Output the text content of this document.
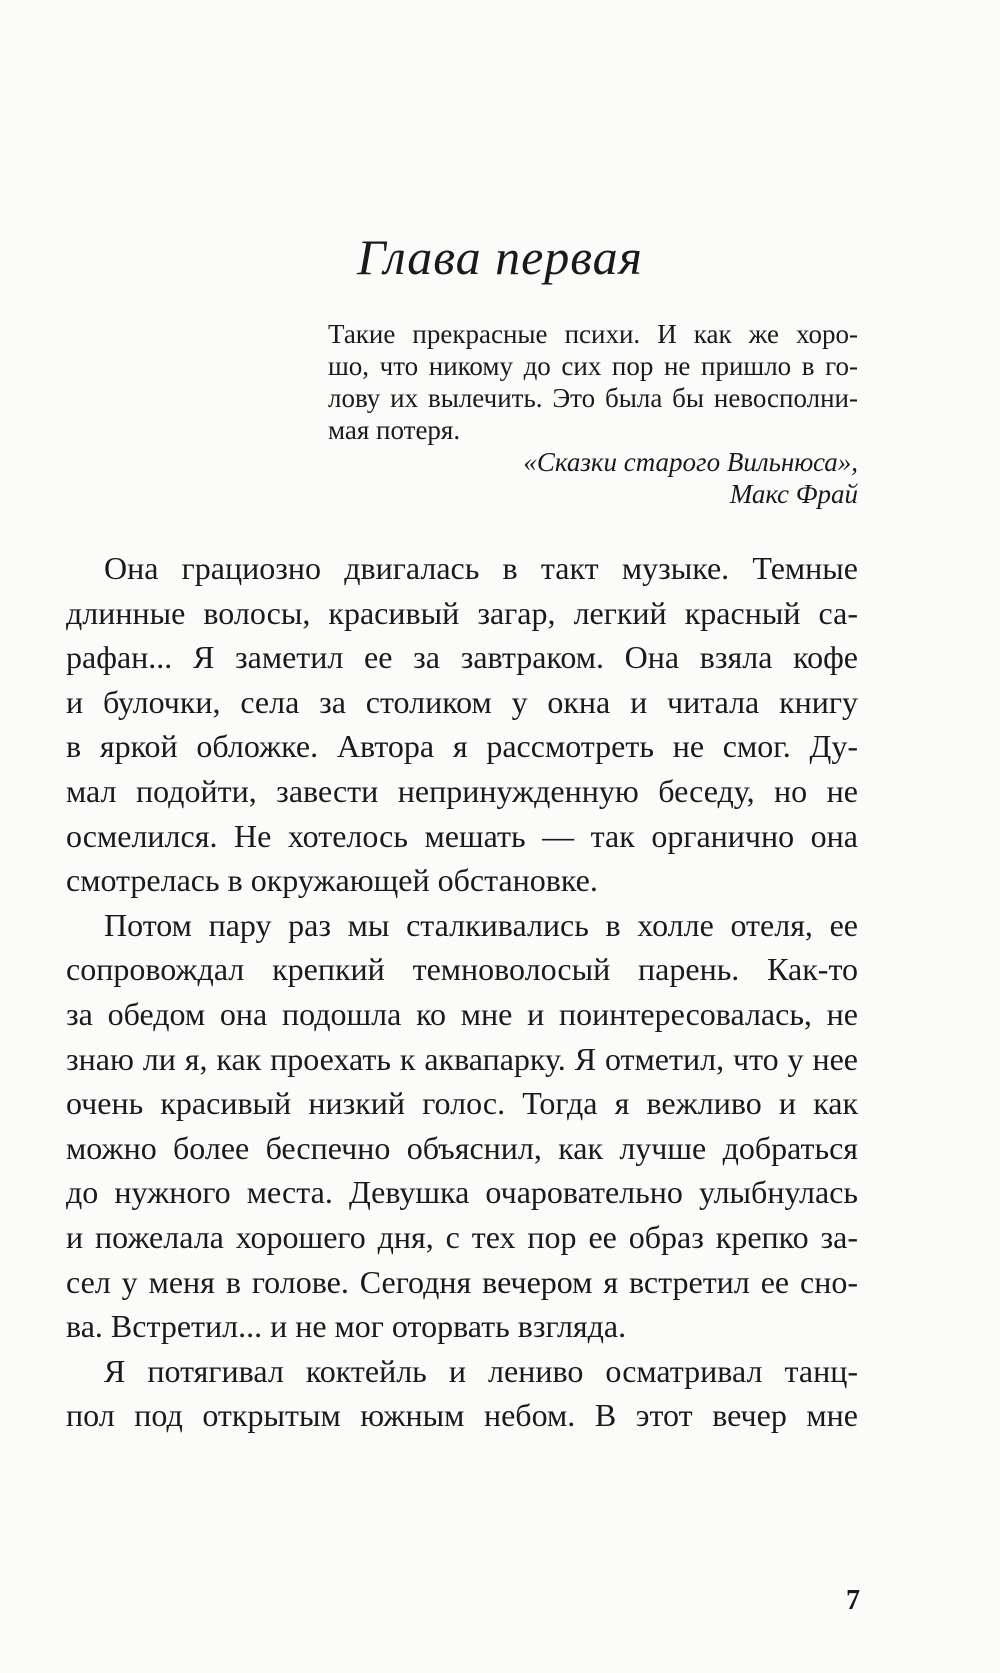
Глава первая
Такие прекрасные психи. И как же хоро-
шо, что никому до сих пор не пришло в го-
лову их вылечить. Это была бы невосполни-
мая потеря.
«Сказки старого Вильнюса»,
Макс Фрай
Она грациозно двигалась в такт музыке. Темные
длинные волосы, красивый загар, легкий красный са-
рафан... Я заметил ее за завтраком. Она взяла кофе
и булочки, села за столиком у окна и читала книгу
в яркой обложке. Автора я рассмотреть не смог. Ду-
мал подойти, завести непринужденную беседу, но не
осмелился. Не хотелось мешать — так органично она
смотрелась в окружающей обстановке.
Потом пару раз мы сталкивались в холле отеля, ее
сопровождал крепкий темноволосый парень. Как-то
за обедом она подошла ко мне и поинтересовалась, не
знаю ли я, как проехать к аквапарку. Я отметил, что у нее
очень красивый низкий голос. Тогда я вежливо и как
можно более беспечно объяснил, как лучше добраться
до нужного места. Девушка очаровательно улыбнулась
и пожелала хорошего дня, с тех пор ее образ крепко за-
сел у меня в голове. Сегодня вечером я встретил ее сно-
ва. Встретил... и не мог оторвать взгляда.
Я потягивал коктейль и лениво осматривал танц-
пол под открытым южным небом. В этот вечер мне
7
